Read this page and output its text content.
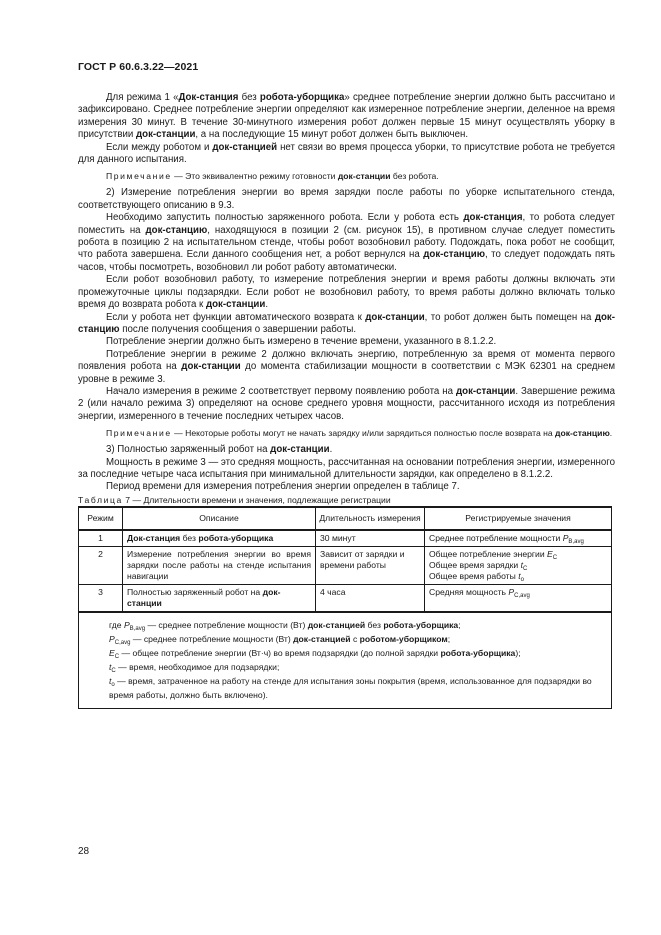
ГОСТ Р 60.6.3.22—2021

Для режима 1 «Док-станция без робота-уборщика» среднее потребление энергии должно быть рассчитано и зафиксировано. Среднее потребление энергии определяют как измеренное потребление энергии, деленное на время измерения 30 минут. В течение 30-минутного измерения робот должен первые 15 минут осуществлять уборку в присутствии док-станции, а на последующие 15 минут робот должен быть выключен.

Если между роботом и док-станцией нет связи во время процесса уборки, то присутствие робота не требуется для данного испытания.

Примечание — Это эквивалентно режиму готовности док-станции без робота.

2) Измерение потребления энергии во время зарядки после работы по уборке испытательного стенда, соответствующего описанию в 9.3.

Необходимо запустить полностью заряженного робота. Если у робота есть док-станция, то робота следует поместить на док-станцию, находящуюся в позиции 2 (см. рисунок 15), в противном случае следует поместить робота в позицию 2 на испытательном стенде, чтобы робот возобновил работу. Подождать, пока робот не сообщит, что работа завершена. Если данного сообщения нет, а робот вернулся на док-станцию, то следует подождать пять часов, чтобы посмотреть, возобновил ли робот работу автоматически.

Если робот возобновил работу, то измерение потребления энергии и время работы должны включать эти промежуточные циклы подзарядки. Если робот не возобновил работу, то время работы должно включать только время до возврата робота к док-станции.

Если у робота нет функции автоматического возврата к док-станции, то робот должен быть помещен на док-станцию после получения сообщения о завершении работы.

Потребление энергии должно быть измерено в течение времени, указанного в 8.1.2.2.

Потребление энергии в режиме 2 должно включать энергию, потребленную за время от момента первого появления робота на док-станции до момента стабилизации мощности в соответствии с МЭК 62301 на среднем уровне в режиме 3.

Начало измерения в режиме 2 соответствует первому появлению робота на док-станции. Завершение режима 2 (или начало режима 3) определяют на основе среднего уровня мощности, рассчитанного исходя из потребления энергии, измеренного в течение последних четырех часов.

Примечание — Некоторые роботы могут не начать зарядку и/или зарядиться полностью после возврата на док-станцию.

3) Полностью заряженный робот на док-станции.

Мощность в режиме 3 — это средняя мощность, рассчитанная на основании потребления энергии, измеренного за последние четыре часа испытания при минимальной длительности зарядки, как определено в 8.1.2.2.

Период времени для измерения потребления энергии определен в таблице 7.

Таблица 7 — Длительности времени и значения, подлежащие регистрации

Режим	Описание	Длительность измерения	Регистрируемые значения
1	Док-станция без робота-уборщика	30 минут	Среднее потребление мощности $P_{B,avg}$
2	Измерение потребления энергии во время зарядки после работы на стенде испытания навигации	Зависит от зарядки и времени работы	Общее потребление энергии $E_C$
Общее время зарядки $t_C$
Общее время работы $t_o$

3	Полностью заряженный робот на док-станции	4 часа	Средняя мощность $P_{C,avg}$

где $P_{B,avg}$ — среднее потребление мощности (Вт) док-станцией без робота-уборщика;
$P_{C,avg}$ — среднее потребление мощности (Вт) док-станцией с роботом-уборщиком;
$E_C$ — общее потребление энергии (Вт·ч) во время подзарядки (до полной зарядки робота-уборщика);
$t_C$ — время, необходимое для подзарядки;
$t_o$ — время, затраченное на работу на стенде для испытания зоны покрытия (время, использованное для подзарядки во время работы, должно быть включено).			
28
